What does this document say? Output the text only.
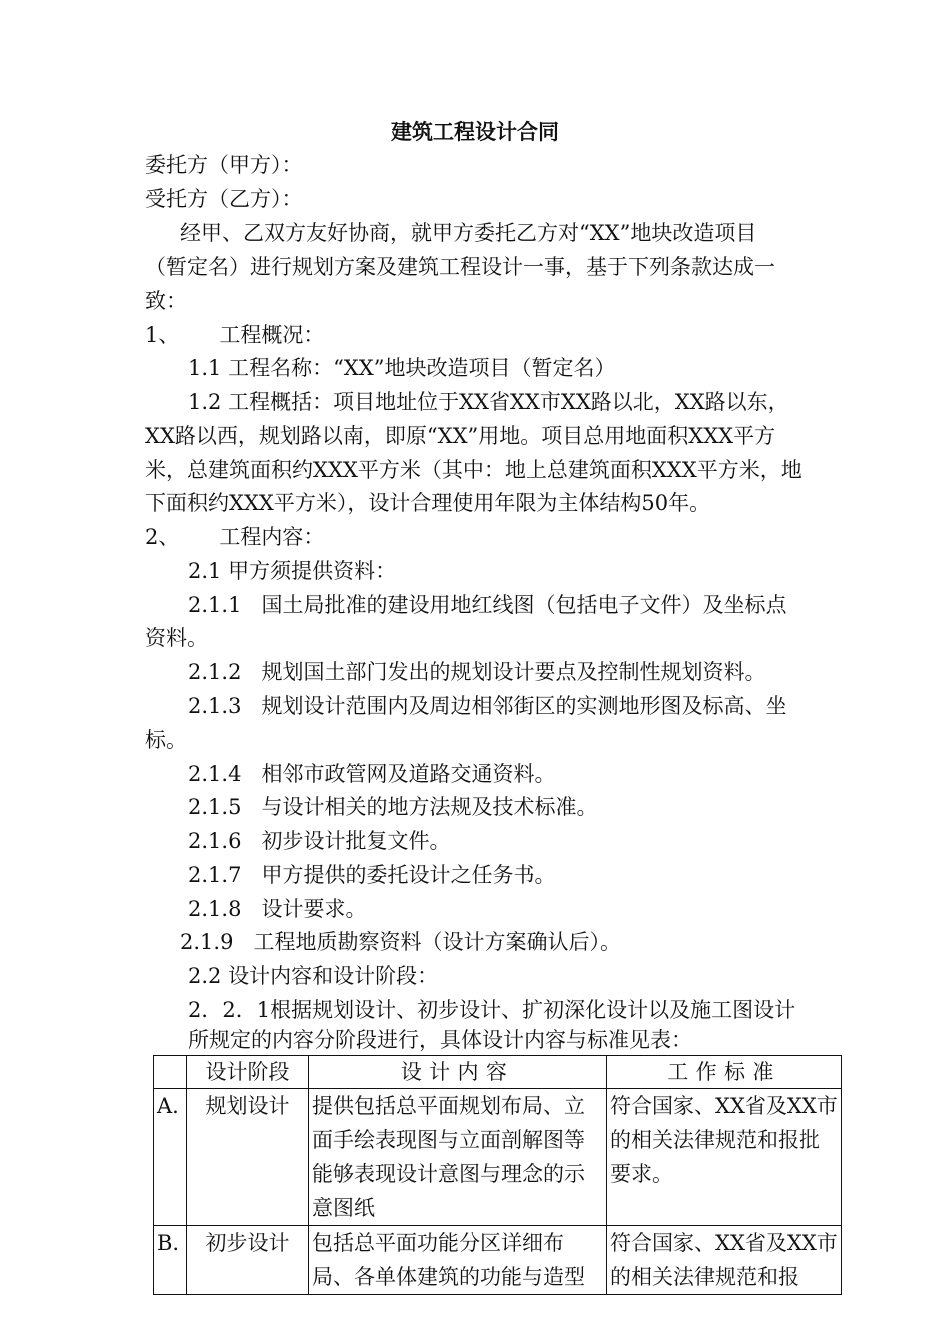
建筑工程设计合同
委托方（甲方）：
受托方（乙方）：
经甲、乙双方友好协商，就甲方委托乙方对“XX”地块改造项目
（暂定名）进行规划方案及建筑工程设计一事，基于下列条款达成一
致：
1、      工程概况：
1.1 工程名称：“XX”地块改造项目（暂定名）
1.2 工程概括：项目地址位于XX省XX市XX路以北，XX路以东，
XX路以西，规划路以南，即原“XX”用地。项目总用地面积XXX平方
米，总建筑面积约XXX平方米（其中：地上总建筑面积XXX平方米，地
下面积约XXX平方米），设计合理使用年限为主体结构50年。
2、      工程内容：
2.1 甲方须提供资料：
2.1.1   国土局批准的建设用地红线图（包括电子文件）及坐标点
资料。
2.1.2   规划国土部门发出的规划设计要点及控制性规划资料。
2.1.3   规划设计范围内及周边相邻街区的实测地形图及标高、坐
标。
2.1.4   相邻市政管网及道路交通资料。
2.1.5   与设计相关的地方法规及技术标准。
2.1.6   初步设计批复文件。
2.1.7   甲方提供的委托设计之任务书。
2.1.8   设计要求。
2.1.9   工程地质勘察资料（设计方案确认后）。
2.2 设计内容和设计阶段：
2．2．1根据规划设计、初步设计、扩初深化设计以及施工图设计
所规定的内容分阶段进行，具体设计内容与标准见表：
	设计阶段	设计内容	工作标准
A.	规划设计	提供包括总平面规划布局、立面手绘表现图与立面剖解图等能够表现设计意图与理念的示意图纸	符合国家、XX省及XX市的相关法律规范和报批要求。
B.	初步设计	包括总平面功能分区详细布局、各单体建筑的功能与造型	符合国家、XX省及XX市的相关法律规范和报
